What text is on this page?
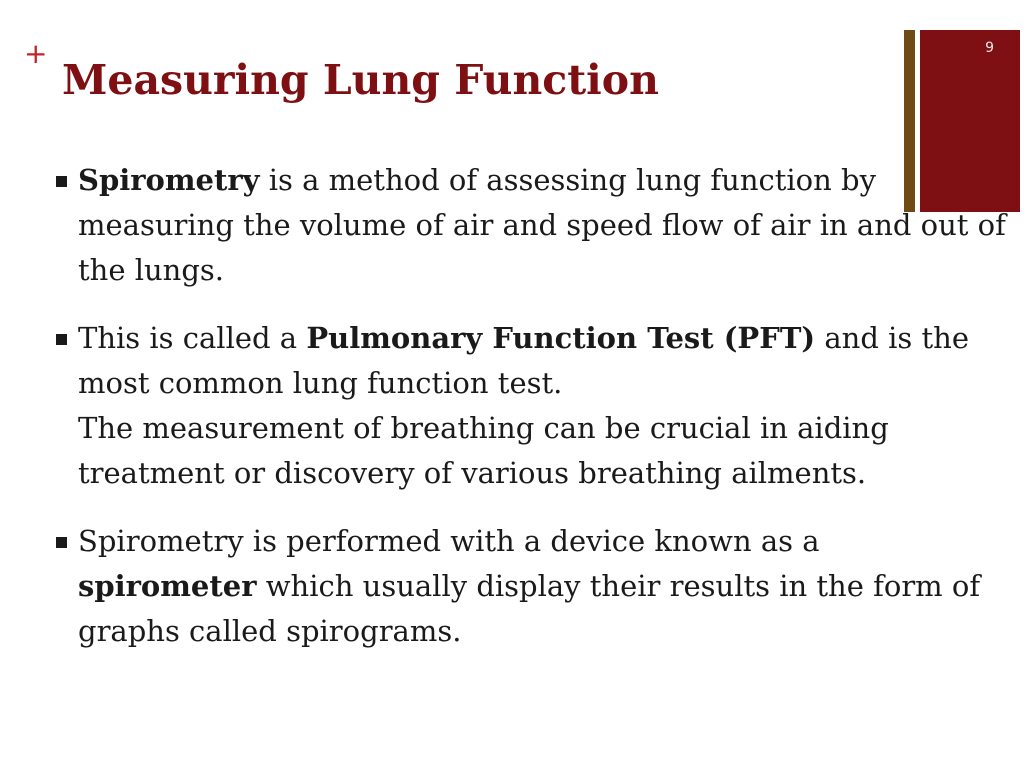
+
Measuring Lung Function
9

Spirometry is a method of assessing lung function by measuring the volume of air and speed flow of air in and out of the lungs.

This is called a Pulmonary Function Test (PFT) and is the most common lung function test.
The measurement of breathing can be crucial in aiding treatment or discovery of various breathing ailments.

Spirometry is performed with a device known as a spirometer which usually display their results in the form of graphs called spirograms.
